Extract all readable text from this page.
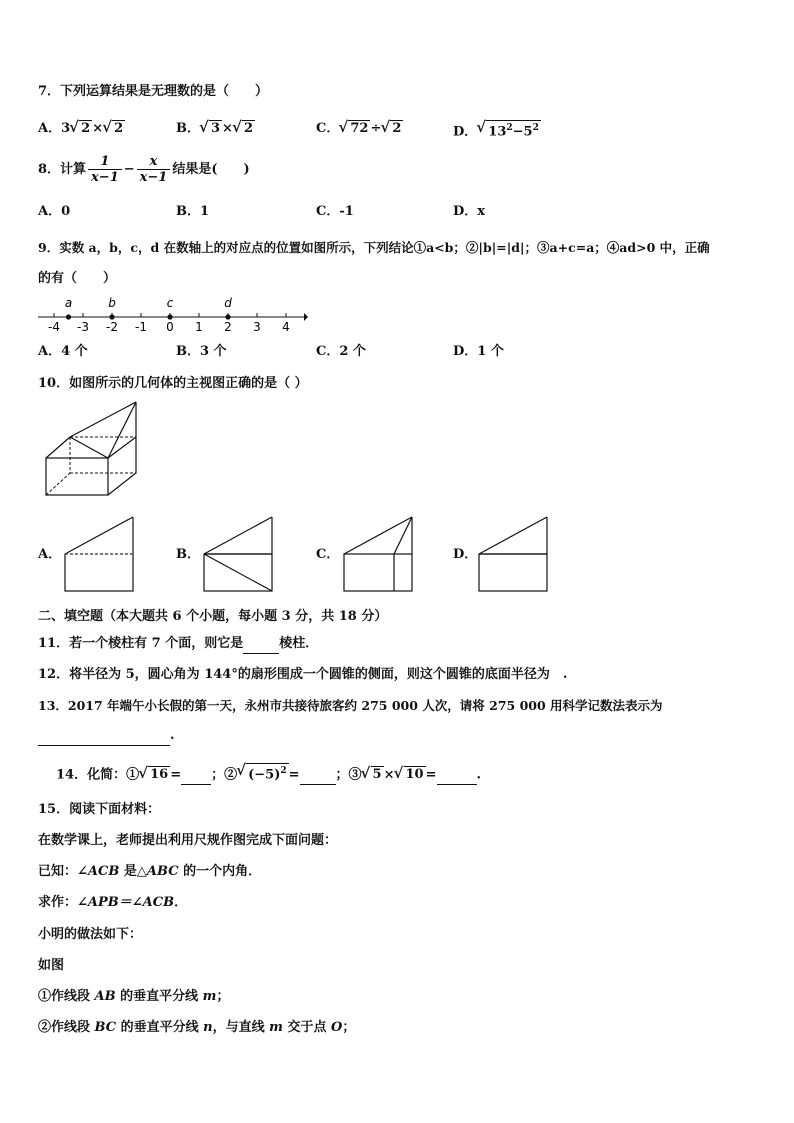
7．下列运算结果是无理数的是（　　）
A．3 √ 2 × √ 2	B． √ 3 × √ 2	C． √ 72 ÷ √ 2	D． √ $13^2-5^2$
8．计算 $\frac{1}{x-1} - \frac{x}{x-1}$ 结果是(　　)
A．0	B．1	C．-1	D．x
9．实数 a，b，c，d 在数轴上的对应点的位置如图所示，下列结论①a<b；②|b|=|d|；③a+c=a；④ad>0 中，正确
的有（　　）
-4 -3 -2 -1 0 1 2 3 4
a	b	c	d
A．4 个	B．3 个	C．2 个	D．1 个
10．如图所示的几何体的主视图正确的是（ ）
A．	B．	C．	D．
二、填空题（本大题共 6 个小题，每小题 3 分，共 18 分）
11．若一个棱柱有 7 个面，则它是	棱柱．
12．将半径为 5，圆心角为 144°的扇形围成一个圆锥的侧面，则这个圆锥的底面半径为　.
13．2017 年端午小长假的第一天，永州市共接待旅客约 275 000 人次，请将 275 000 用科学记数法表示为
.
14．化简：① √ 16 = ；② √ $(-5)^2$ =	；③ √ 5 × √ 10 =	.
15．阅读下面材料：
在数学课上，老师提出利用尺规作图完成下面问题：
已知：∠ACB 是△ABC 的一个内角．
求作：∠APB＝∠ACB．
小明的做法如下：
如图
①作线段 AB 的垂直平分线 m；
②作线段 BC 的垂直平分线 n，与直线 m 交于点 O；
